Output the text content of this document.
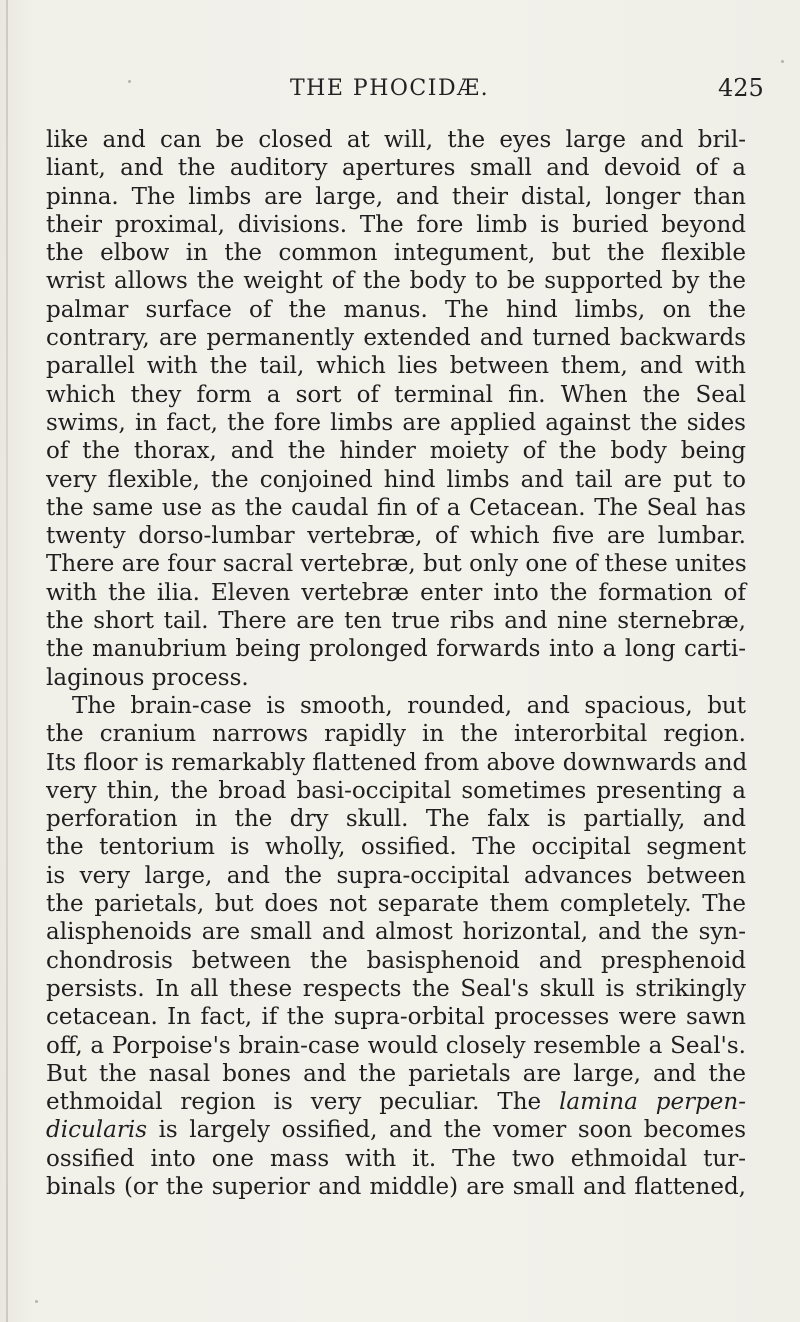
THE PHOCIDÆ.	425
like and can be closed at will, the eyes large and bril-
liant, and the auditory apertures small and devoid of a
pinna. The limbs are large, and their distal, longer than
their proximal, divisions. The fore limb is buried beyond
the elbow in the common integument, but the flexible
wrist allows the weight of the body to be supported by the
palmar surface of the manus. The hind limbs, on the
contrary, are permanently extended and turned backwards
parallel with the tail, which lies between them, and with
which they form a sort of terminal fin. When the Seal
swims, in fact, the fore limbs are applied against the sides
of the thorax, and the hinder moiety of the body being
very flexible, the conjoined hind limbs and tail are put to
the same use as the caudal fin of a Cetacean. The Seal has
twenty dorso-lumbar vertebræ, of which five are lumbar.
There are four sacral vertebræ, but only one of these unites
with the ilia. Eleven vertebræ enter into the formation of
the short tail. There are ten true ribs and nine sternebræ,
the manubrium being prolonged forwards into a long carti-
laginous process.
The brain-case is smooth, rounded, and spacious, but
the cranium narrows rapidly in the interorbital region.
Its floor is remarkably flattened from above downwards and
very thin, the broad basi-occipital sometimes presenting a
perforation in the dry skull. The falx is partially, and
the tentorium is wholly, ossified. The occipital segment
is very large, and the supra-occipital advances between
the parietals, but does not separate them completely. The
alisphenoids are small and almost horizontal, and the syn-
chondrosis between the basisphenoid and presphenoid
persists. In all these respects the Seal's skull is strikingly
cetacean. In fact, if the supra-orbital processes were sawn
off, a Porpoise's brain-case would closely resemble a Seal's.
But the nasal bones and the parietals are large, and the
ethmoidal region is very peculiar. The lamina perpen-
dicularis is largely ossified, and the vomer soon becomes
ossified into one mass with it. The two ethmoidal tur-
binals (or the superior and middle) are small and flattened,
